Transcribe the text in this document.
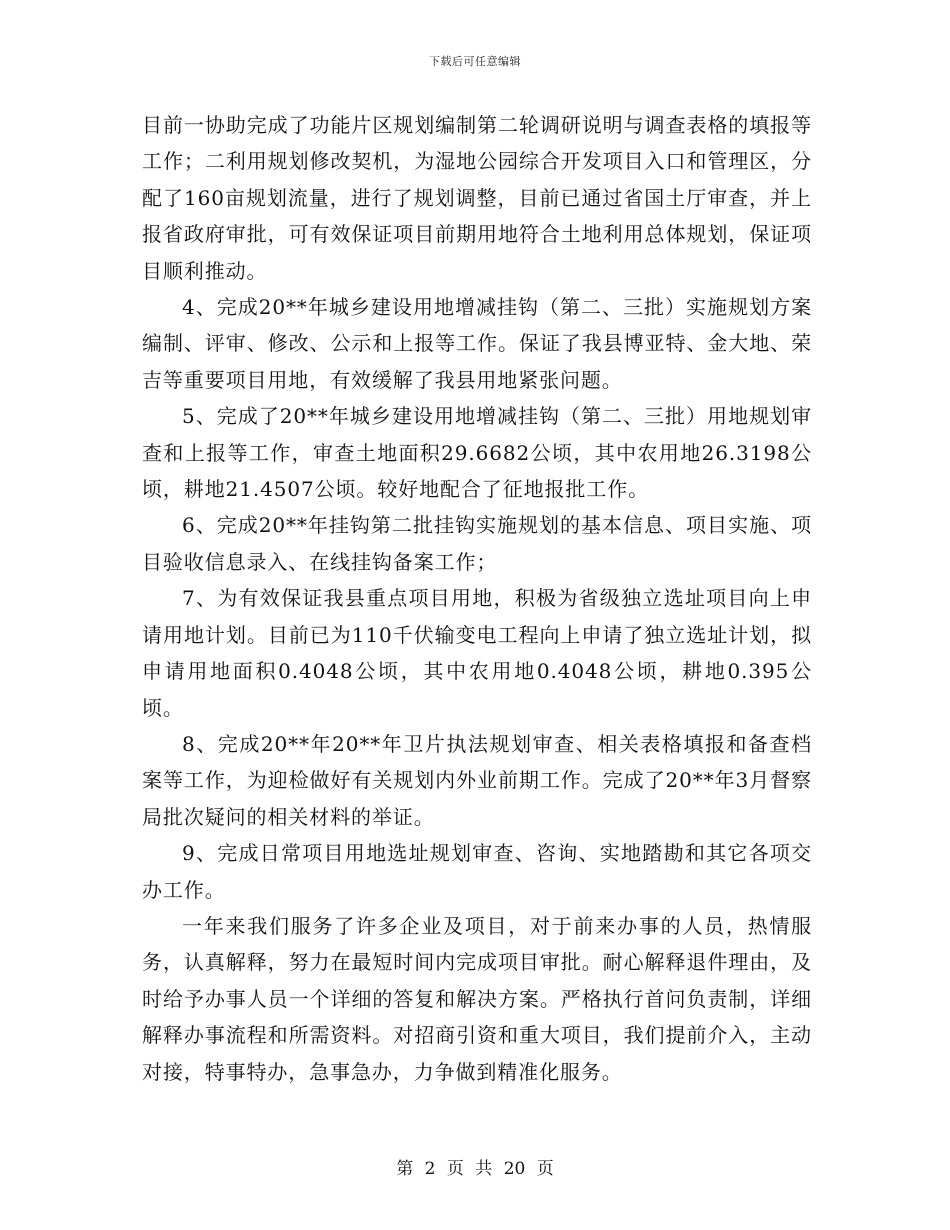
下载后可任意编辑

目前一协助完成了功能片区规划编制第二轮调研说明与调查表格的填报等工作；二利用规划修改契机，为湿地公园综合开发项目入口和管理区，分配了160亩规划流量，进行了规划调整，目前已通过省国土厅审查，并上报省政府审批，可有效保证项目前期用地符合土地利用总体规划，保证项目顺利推动。

4、完成20**年城乡建设用地增减挂钩（第二、三批）实施规划方案编制、评审、修改、公示和上报等工作。保证了我县博亚特、金大地、荣吉等重要项目用地，有效缓解了我县用地紧张问题。

5、完成了20**年城乡建设用地增减挂钩（第二、三批）用地规划审查和上报等工作，审查土地面积29.6682公顷，其中农用地26.3198公顷，耕地21.4507公顷。较好地配合了征地报批工作。

6、完成20**年挂钩第二批挂钩实施规划的基本信息、项目实施、项目验收信息录入、在线挂钩备案工作；

7、为有效保证我县重点项目用地，积极为省级独立选址项目向上申请用地计划。目前已为110千伏输变电工程向上申请了独立选址计划，拟申请用地面积0.4048公顷，其中农用地0.4048公顷，耕地0.395公顷。

8、完成20**年20**年卫片执法规划审查、相关表格填报和备查档案等工作，为迎检做好有关规划内外业前期工作。完成了20**年3月督察局批次疑问的相关材料的举证。

9、完成日常项目用地选址规划审查、咨询、实地踏勘和其它各项交办工作。

一年来我们服务了许多企业及项目，对于前来办事的人员，热情服务，认真解释，努力在最短时间内完成项目审批。耐心解释退件理由，及时给予办事人员一个详细的答复和解决方案。严格执行首问负责制，详细解释办事流程和所需资料。对招商引资和重大项目，我们提前介入，主动对接，特事特办，急事急办，力争做到精准化服务。

第 2 页 共 20 页
